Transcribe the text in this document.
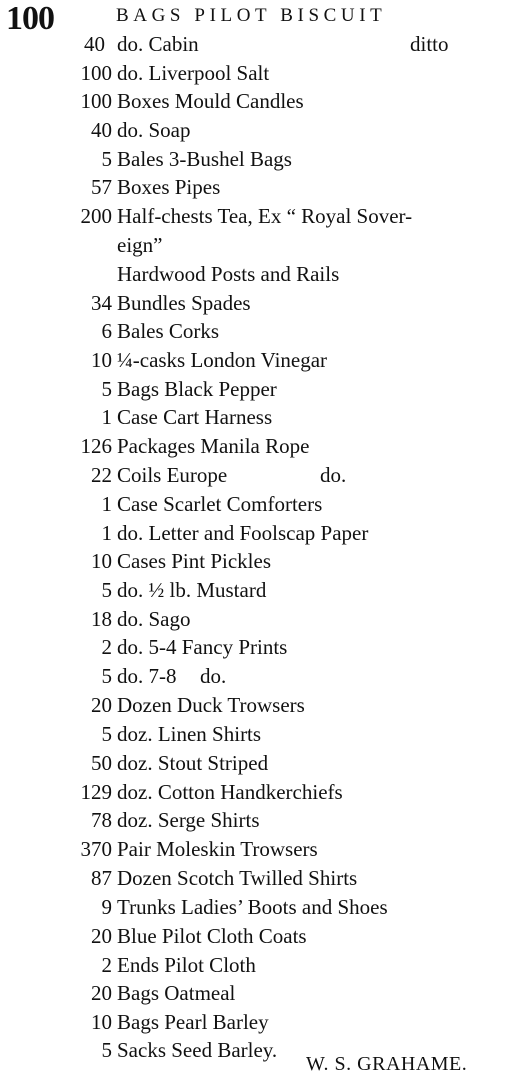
100	BAGS PILOT BISCUIT
40 do. Cabin	ditto
100 do. Liverpool Salt
100 Boxes Mould Candles
40 do. Soap
5 Bales 3-Bushel Bags
57 Boxes Pipes
200 Half-chests Tea, Ex “ Royal Sover-
eign”
Hardwood Posts and Rails
34 Bundles Spades
6 Bales Corks
10 ¼-casks London Vinegar
5 Bags Black Pepper
1 Case Cart Harness
126 Packages Manila Rope
22 Coils Europe	do.
1 Case Scarlet Comforters
1 do. Letter and Foolscap Paper
10 Cases Pint Pickles
5 do. ½ lb. Mustard
18 do. Sago
2 do. 5-4 Fancy Prints
5 do. 7-8 do.
20 Dozen Duck Trowsers
5 doz. Linen Shirts
50 doz. Stout Striped
129 doz. Cotton Handkerchiefs
78 doz. Serge Shirts
370 Pair Moleskin Trowsers
87 Dozen Scotch Twilled Shirts
9 Trunks Ladies’ Boots and Shoes
20 Blue Pilot Cloth Coats
2 Ends Pilot Cloth
20 Bags Oatmeal
10 Bags Pearl Barley
5 Sacks Seed Barley.
W. S. GRAHAME.
